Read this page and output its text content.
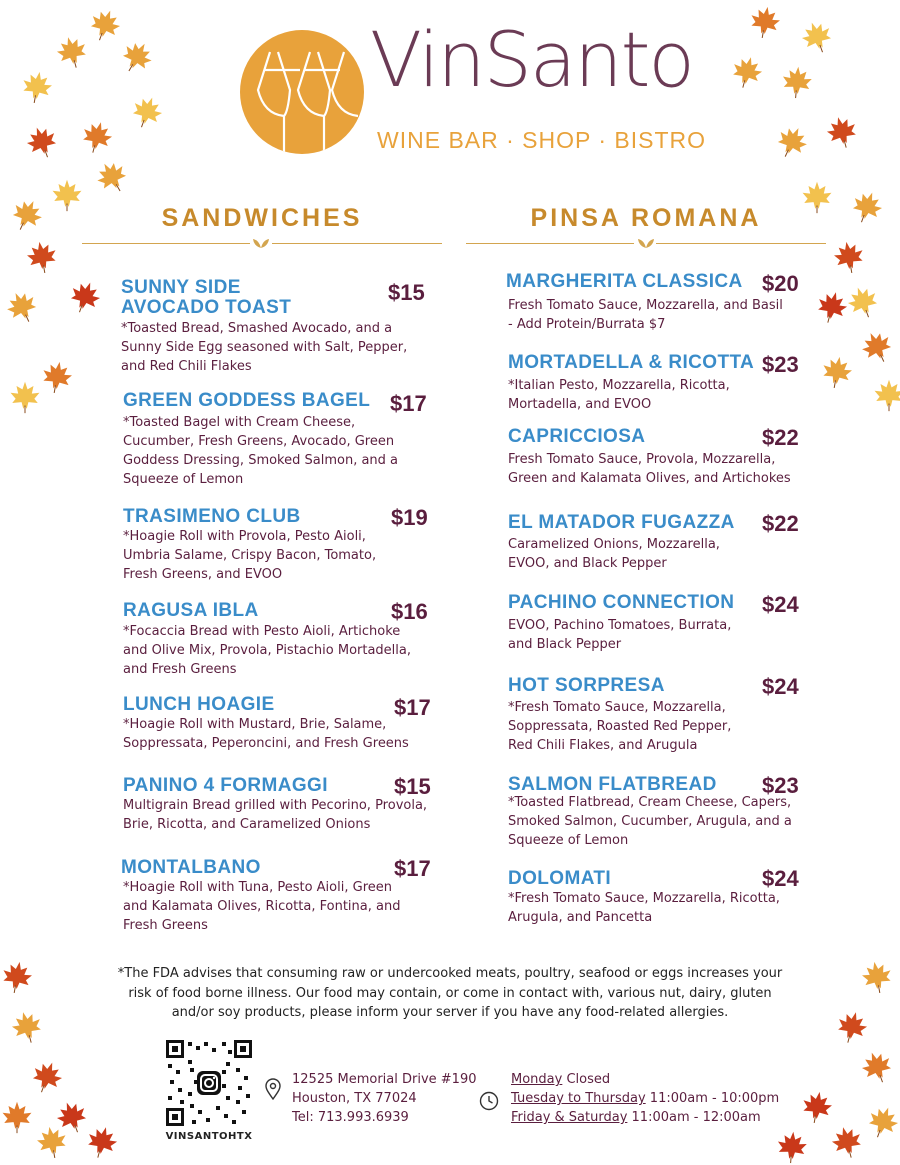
VinSanto
WINE BAR · SHOP · BISTRO
SANDWICHES	PINSA ROMANA
SUNNY SIDE
AVOCADO TOAST
$15
*Toasted Bread, Smashed Avocado, and a
Sunny Side Egg seasoned with Salt, Pepper,
and Red Chili Flakes
GREEN GODDESS BAGEL $17
*Toasted Bagel with Cream Cheese,
Cucumber, Fresh Greens, Avocado, Green
Goddess Dressing, Smoked Salmon, and a
Squeeze of Lemon
TRASIMENO CLUB	$19
*Hoagie Roll with Provola, Pesto Aioli,
Umbria Salame, Crispy Bacon, Tomato,
Fresh Greens, and EVOO
RAGUSA IBLA	$16
*Focaccia Bread with Pesto Aioli, Artichoke
and Olive Mix, Provola, Pistachio Mortadella,
and Fresh Greens
LUNCH HOAGIE	$17
*Hoagie Roll with Mustard, Brie, Salame,
Soppressata, Peperoncini, and Fresh Greens
PANINO 4 FORMAGGI	$15
Multigrain Bread grilled with Pecorino, Provola,
Brie, Ricotta, and Caramelized Onions
MONTALBANO	$17
*Hoagie Roll with Tuna, Pesto Aioli, Green
and Kalamata Olives, Ricotta, Fontina, and
Fresh Greens
MARGHERITA CLASSICA $20
Fresh Tomato Sauce, Mozzarella, and Basil
- Add Protein/Burrata $7
MORTADELLA & RICOTTA $23
*Italian Pesto, Mozzarella, Ricotta,
Mortadella, and EVOO
CAPRICCIOSA	$22
Fresh Tomato Sauce, Provola, Mozzarella,
Green and Kalamata Olives, and Artichokes
EL MATADOR FUGAZZA $22
Caramelized Onions, Mozzarella,
EVOO, and Black Pepper
PACHINO CONNECTION $24
EVOO, Pachino Tomatoes, Burrata,
and Black Pepper
HOT SORPRESA	$24
*Fresh Tomato Sauce, Mozzarella,
Soppressata, Roasted Red Pepper,
Red Chili Flakes, and Arugula
SALMON FLATBREAD $23
*Toasted Flatbread, Cream Cheese, Capers,
Smoked Salmon, Cucumber, Arugula, and a
Squeeze of Lemon
DOLOMATI	$24
*Fresh Tomato Sauce, Mozzarella, Ricotta,
Arugula, and Pancetta
*The FDA advises that consuming raw or undercooked meats, poultry, seafood or eggs increases your risk of food borne illness. Our food may contain, or come in contact with, various nut, dairy, gluten and/or soy products, please inform your server if you have any food-related allergies.
VINSANTOHTX
12525 Memorial Drive #190
Houston, TX 77024
Tel: 713.993.6939
Monday Closed
Tuesday to Thursday 11:00am - 10:00pm
Friday & Saturday 11:00am - 12:00am
